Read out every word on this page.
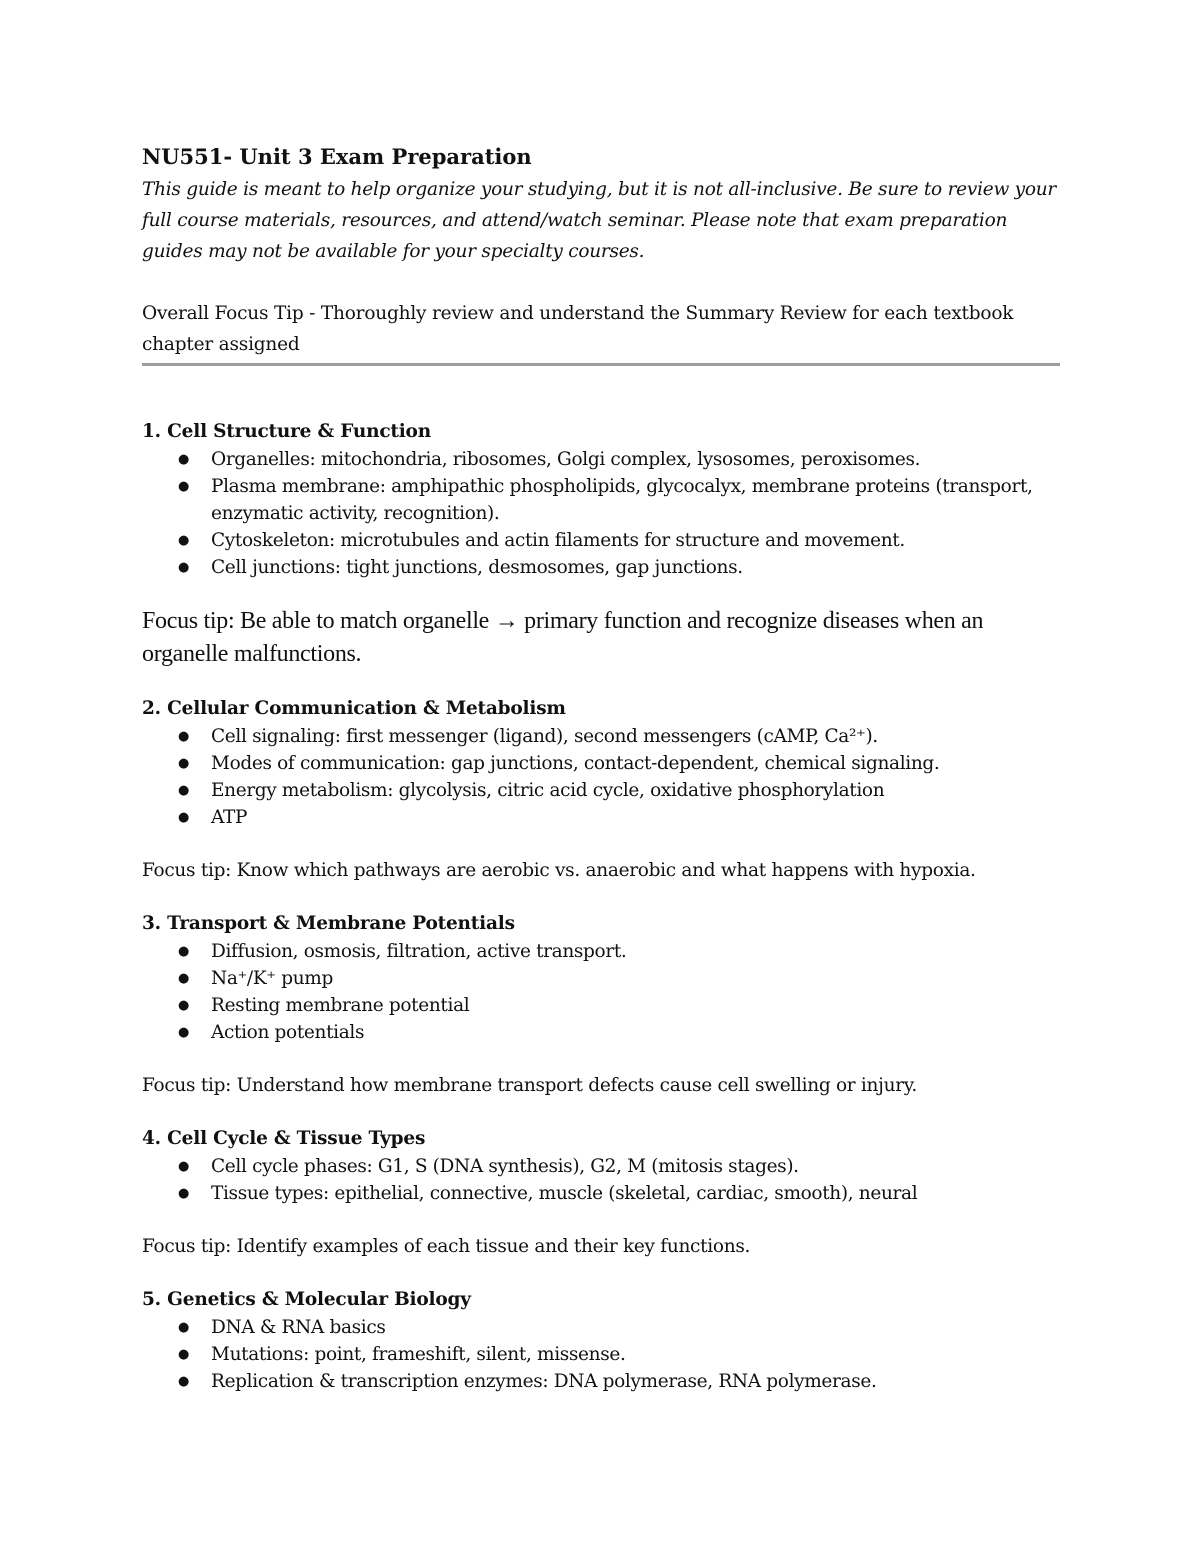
NU551- Unit 3 Exam Preparation

This guide is meant to help organize your studying, but it is not all-inclusive. Be sure to review your full course materials, resources, and attend/watch seminar. Please note that exam preparation guides may not be available for your specialty courses.

Overall Focus Tip - Thoroughly review and understand the Summary Review for each textbook chapter assigned

1. Cell Structure & Function
● Organelles: mitochondria, ribosomes, Golgi complex, lysosomes, peroxisomes.
● Plasma membrane: amphipathic phospholipids, glycocalyx, membrane proteins (transport, enzymatic activity, recognition).
● Cytoskeleton: microtubules and actin filaments for structure and movement.
● Cell junctions: tight junctions, desmosomes, gap junctions.

Focus tip: Be able to match organelle → primary function and recognize diseases when an organelle malfunctions.

2. Cellular Communication & Metabolism
● Cell signaling: first messenger (ligand), second messengers (cAMP, Ca²⁺).
● Modes of communication: gap junctions, contact-dependent, chemical signaling.
● Energy metabolism: glycolysis, citric acid cycle, oxidative phosphorylation
● ATP

Focus tip: Know which pathways are aerobic vs. anaerobic and what happens with hypoxia.

3. Transport & Membrane Potentials
● Diffusion, osmosis, filtration, active transport.
● Na⁺/K⁺ pump
● Resting membrane potential
● Action potentials

Focus tip: Understand how membrane transport defects cause cell swelling or injury.

4. Cell Cycle & Tissue Types
● Cell cycle phases: G1, S (DNA synthesis), G2, M (mitosis stages).
● Tissue types: epithelial, connective, muscle (skeletal, cardiac, smooth), neural

Focus tip: Identify examples of each tissue and their key functions.

5. Genetics & Molecular Biology
● DNA & RNA basics
● Mutations: point, frameshift, silent, missense.
● Replication & transcription enzymes: DNA polymerase, RNA polymerase.
